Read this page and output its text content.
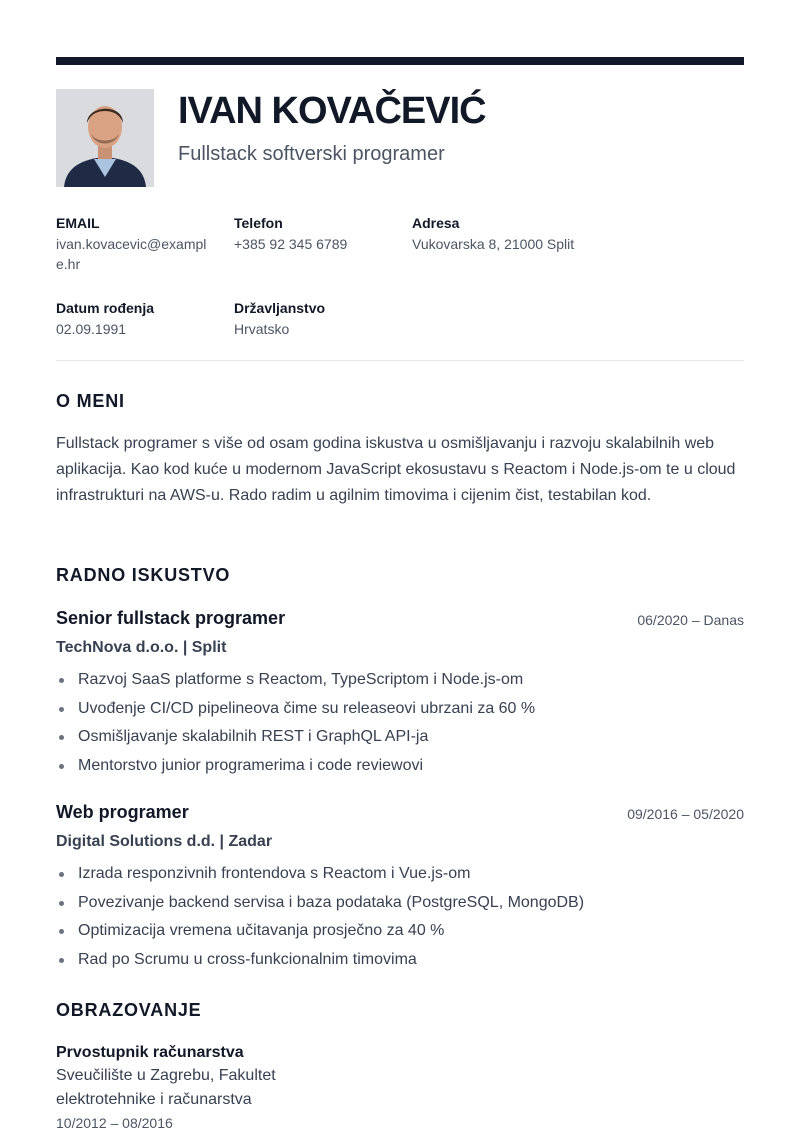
IVAN KOVAČEVIĆ
Fullstack softverski programer
EMAIL
ivan.kovacevic@example.hr
Telefon
+385 92 345 6789
Adresa
Vukovarska 8, 21000 Split
Datum rođenja
02.09.1991
Državljanstvo
Hrvatsko
O MENI
Fullstack programer s više od osam godina iskustva u osmišljavanju i razvoju skalabilnih web aplikacija. Kao kod kuće u modernom JavaScript ekosustavu s Reactom i Node.js-om te u cloud infrastrukturi na AWS-u. Rado radim u agilnim timovima i cijenim čist, testabilan kod.
RADNO ISKUSTVO
Senior fullstack programer	06/2020 – Danas
TechNova d.o.o. | Split
Razvoj SaaS platforme s Reactom, TypeScriptom i Node.js-om
Uvođenje CI/CD pipelineova čime su releaseovi ubrzani za 60 %
Osmišljavanje skalabilnih REST i GraphQL API-ja
Mentorstvo junior programerima i code reviewovi
Web programer	09/2016 – 05/2020
Digital Solutions d.d. | Zadar
Izrada responzivnih frontendova s Reactom i Vue.js-om
Povezivanje backend servisa i baza podataka (PostgreSQL, MongoDB)
Optimizacija vremena učitavanja prosječno za 40 %
Rad po Scrumu u cross-funkcionalnim timovima
OBRAZOVANJE
Prvostupnik računarstva
Sveučilište u Zagrebu, Fakultet elektrotehnike i računarstva
10/2012 – 08/2016
